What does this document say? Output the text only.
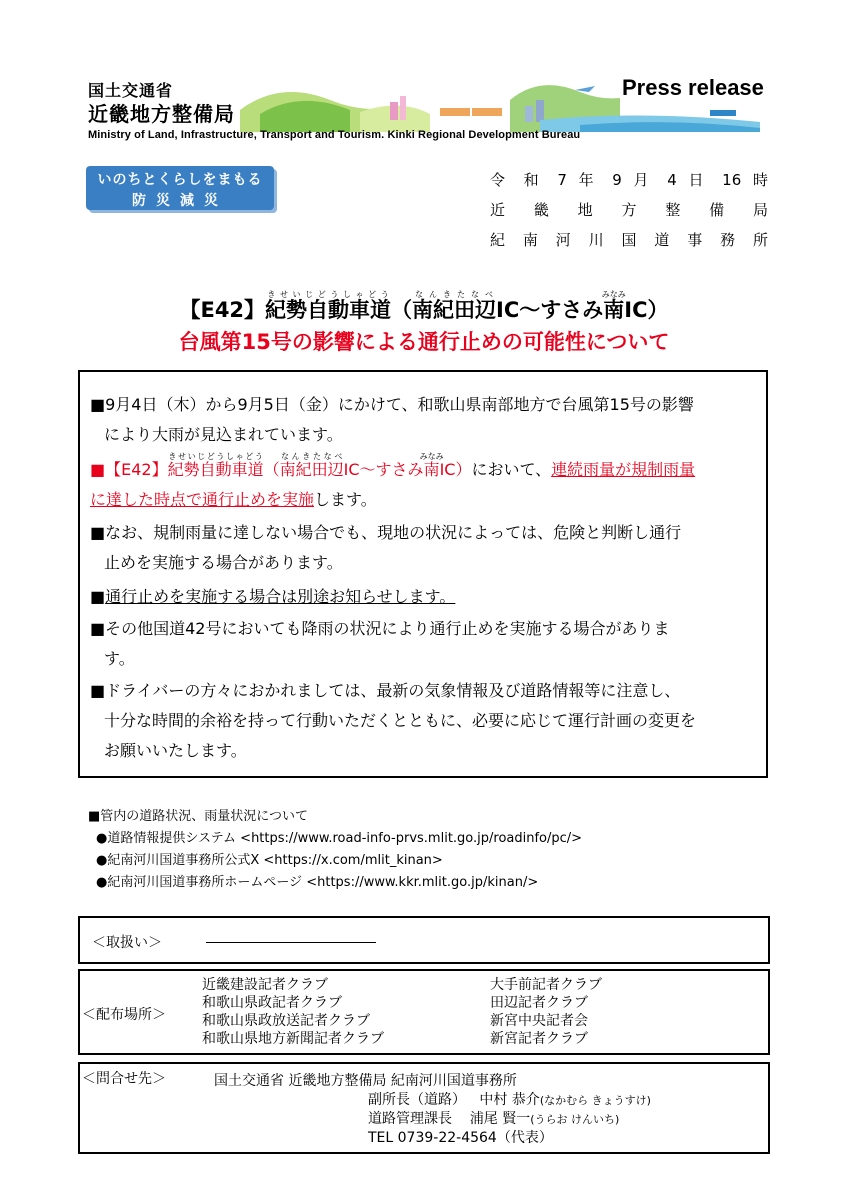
国土交通省
近畿地方整備局
Press release
Ministry of Land, Infrastructure, Transport and Tourism. Kinki Regional Development Bureau
いのちとくらしをまもる
防災減災
令 和 7 年 9 月 4 日 16 時
近 畿 地 方 整 備 局
紀 南 河 川 国 道 事 務 所
【E42】紀勢自動車道きせいじどうしゃどう（南紀田辺なんきたなべIC～すさみ南みなみIC）
台風第15号の影響による通行止めの可能性について
■9月4日（木）から9月5日（金）にかけて、和歌山県南部地方で台風第15号の影響
により大雨が見込まれています。
■【E42】紀勢自動車道きせいじどうしゃどう（南紀田辺なんきたなべIC～すさみ南みなみIC）において、連続雨量が規制雨量
に達した時点で通行止めを実施します。
■なお、規制雨量に達しない場合でも、現地の状況によっては、危険と判断し通行
止めを実施する場合があります。
■通行止めを実施する場合は別途お知らせします。
■その他国道42号においても降雨の状況により通行止めを実施する場合がありま
す。
■ドライバーの方々におかれましては、最新の気象情報及び道路情報等に注意し、
十分な時間的余裕を持って行動いただくとともに、必要に応じて運行計画の変更を
お願いいたします。
■管内の道路状況、雨量状況について
●道路情報提供システム <https://www.road-info-prvs.mlit.go.jp/roadinfo/pc/>
●紀南河川国道事務所公式X <https://x.com/mlit_kinan>
●紀南河川国道事務所ホームページ <https://www.kkr.mlit.go.jp/kinan/>
＜取扱い＞
＜配布場所＞
近畿建設記者クラブ
和歌山県政記者クラブ
和歌山県政放送記者クラブ
和歌山県地方新聞記者クラブ
大手前記者クラブ
田辺記者クラブ
新宮中央記者会
新宮記者クラブ
＜問合せ先＞	国土交通省 近畿地方整備局 紀南河川国道事務所
副所長（道路） 中村 恭介(なかむら きょうすけ)
道路管理課長 浦尾 賢一(うらお けんいち)
TEL 0739-22-4564（代表）
